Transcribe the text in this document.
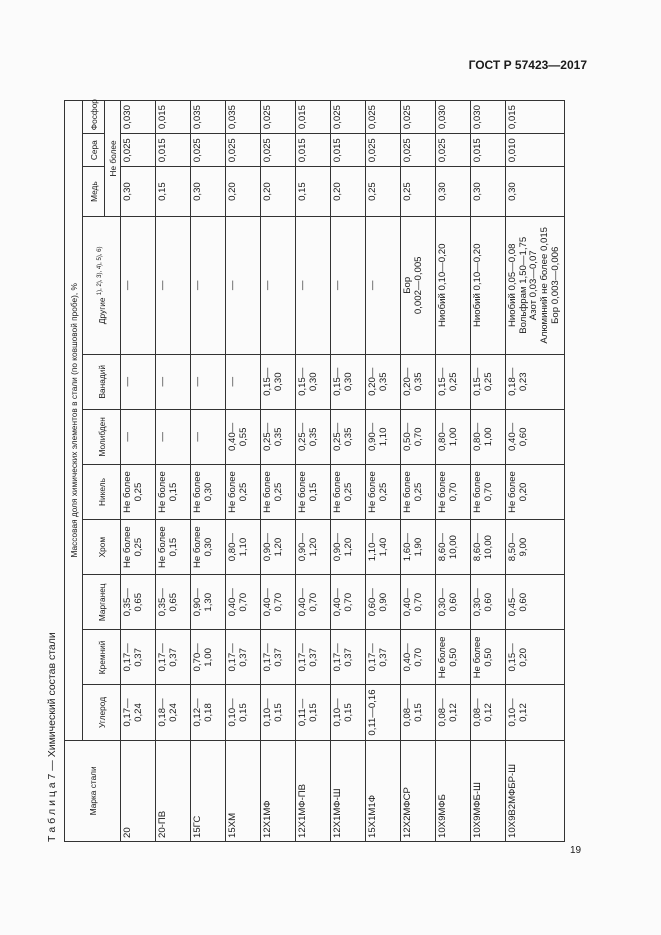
ГОСТ Р 57423—2017
19
Т а б л и ц а 7 — Химический состав стали	Марка стали	Массовая доля химических элементов в стали (по ковшовой пробе), %										
	Углерод	Кремний	Марганец	Хром	Никель	Молибден	Ванадий	Другие $^{1), 2), 3), 4), 5), 6)}$	Медь	Сера	Фосфор
									Не более		
20	0,17— 0,24	0,17— 0,37	0,35— 0,65	Не более 0,25	Не более 0,25	—	—	—	0,30	0,025	0,030
20-ПВ	0,18— 0,24	0,17— 0,37	0,35— 0,65	Не более 0,15	Не более 0,15	—	—	—	0,15	0,015	0,015
15ГС	0,12— 0,18	0,70— 1,00	0,90— 1,30	Не более 0,30	Не более 0,30	—	—	—	0,30	0,025	0,035
15ХМ	0,10— 0,15	0,17— 0,37	0,40— 0,70	0,80— 1,10	Не более 0,25	0,40— 0,55	—	—	0,20	0,025	0,035
12Х1МФ	0,10— 0,15	0,17— 0,37	0,40— 0,70	0,90— 1,20	Не более 0,25	0,25— 0,35	0,15— 0,30	—	0,20	0,025	0,025
12Х1МФ-ПВ	0,11— 0,15	0,17— 0,37	0,40— 0,70	0,90— 1,20	Не более 0,15	0,25— 0,35	0,15— 0,30	—	0,15	0,015	0,015
12Х1МФ-Ш	0,10— 0,15	0,17— 0,37	0,40— 0,70	0,90— 1,20	Не более 0,25	0,25— 0,35	0,15— 0,30	—	0,20	0,015	0,025
15Х1М1Ф	0,11—0,16	0,17— 0,37	0,60— 0,90	1,10— 1,40	Не более 0,25	0,90— 1,10	0,20— 0,35	—	0,25	0,025	0,025
12Х2МФСР	0,08— 0,15	0,40— 0,70	0,40— 0,70	1,60— 1,90	Не более 0,25	0,50— 0,70	0,20— 0,35	Бор 0,002—0,005	0,25	0,025	0,025
10Х9МФБ	0,08— 0,12	Не более 0,50	0,30— 0,60	8,60— 10,00	Не более 0,70	0,80— 1,00	0,15— 0,25	Ниобий 0,10—0,20	0,30	0,025	0,030
10Х9МФБ-Ш	0,08— 0,12	Не более 0,50	0,30— 0,60	8,60— 10,00	Не более 0,70	0,80— 1,00	0,15— 0,25	Ниобий 0,10—0,20	0,30	0,015	0,030
10Х9В2МФБР-Ш	0,10— 0,12	0,15— 0,20	0,45— 0,60	8,50— 9,00	Не более 0,20	0,40— 0,60	0,18— 0,23	Ниобий 0,05—0,08 Вольфрам 1,50—1,75 Азот 0,03—0,07 Алюминий не более 0,015 Бор 0,003—0,006	0,30	0,010	0,015
